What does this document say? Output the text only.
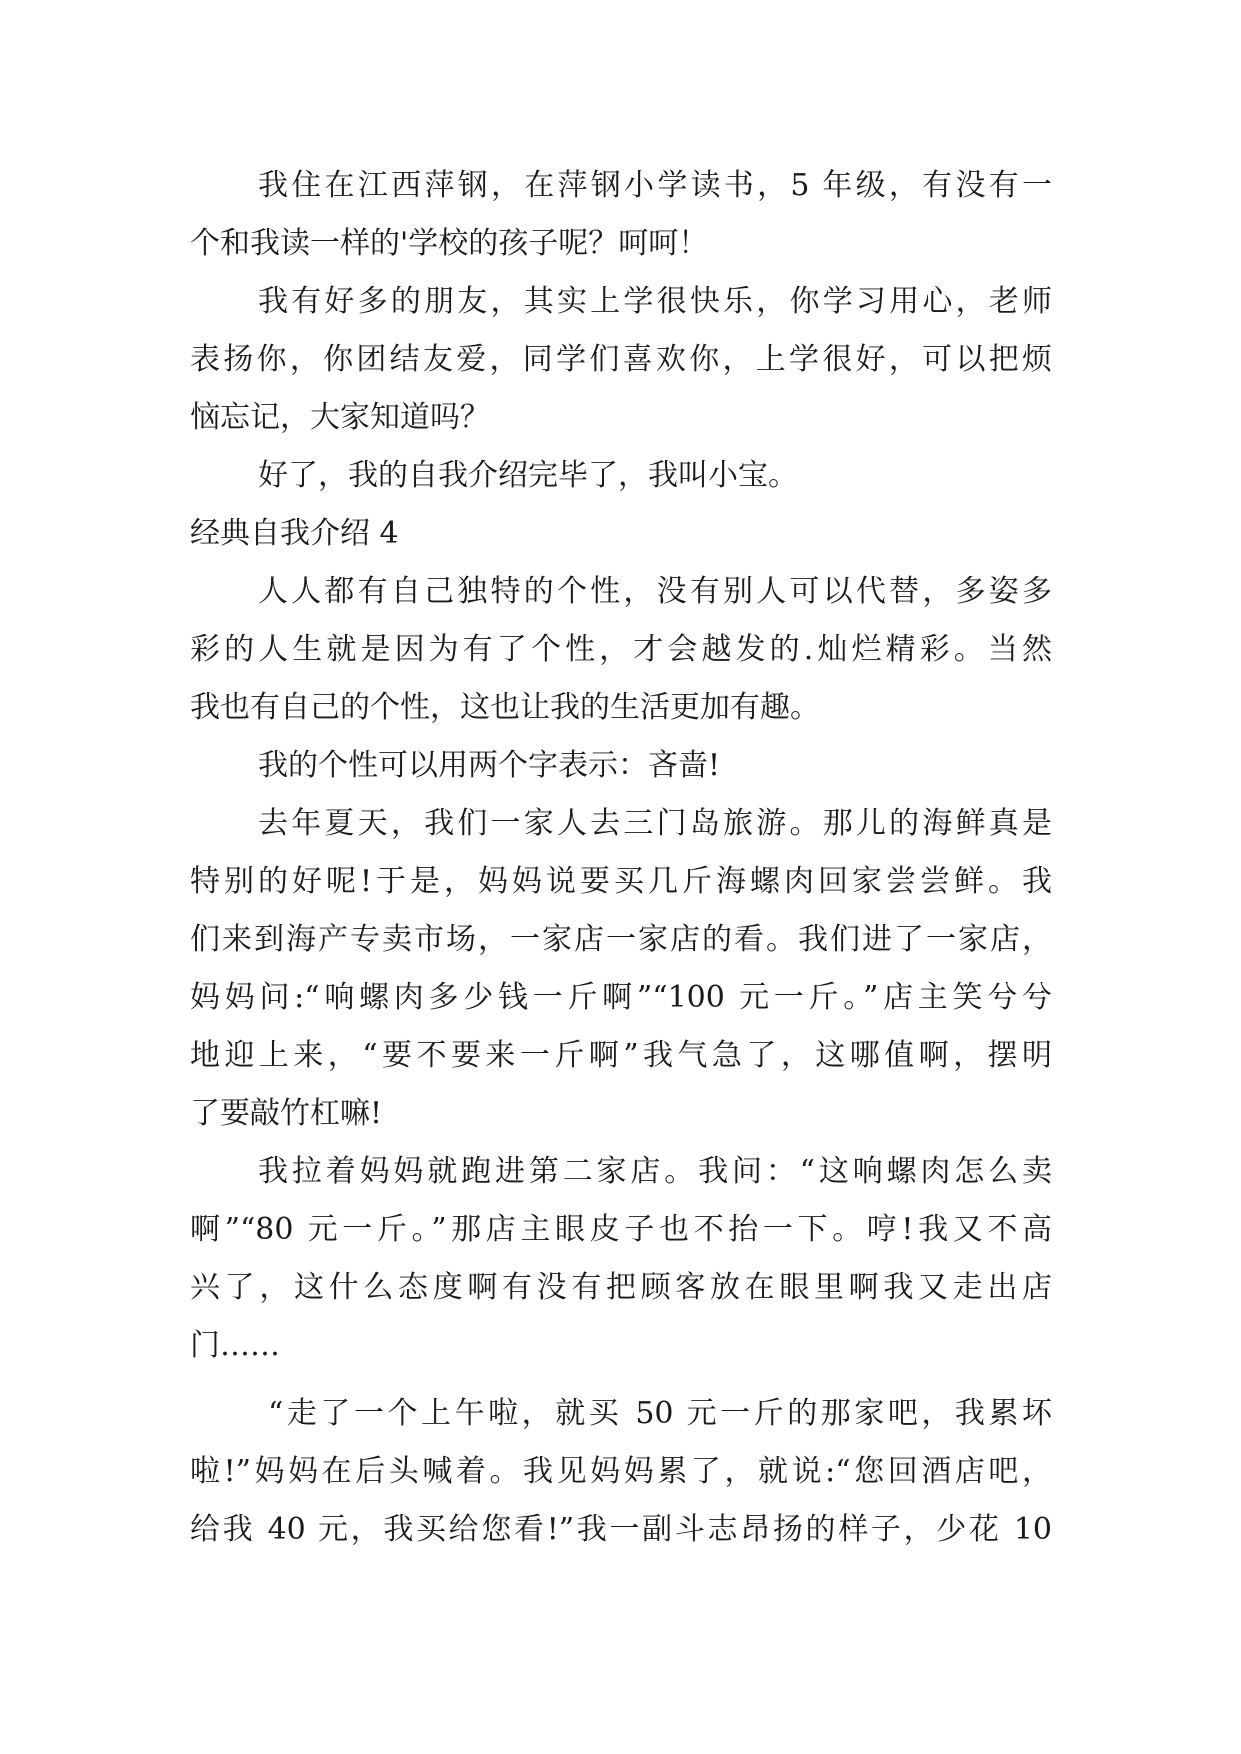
我住在江西萍钢，在萍钢小学读书，5 年级，有没有一

个和我读一样的'学校的孩子呢？呵呵！

我有好多的朋友，其实上学很快乐，你学习用心，老师

表扬你，你团结友爱，同学们喜欢你，上学很好，可以把烦

恼忘记，大家知道吗？

好了，我的自我介绍完毕了，我叫小宝。

经典自我介绍 4

人人都有自己独特的个性，没有别人可以代替，多姿多

彩的人生就是因为有了个性，才会越发的.灿烂精彩。当然

我也有自己的个性，这也让我的生活更加有趣。

我的个性可以用两个字表示：吝啬!

去年夏天，我们一家人去三门岛旅游。那儿的海鲜真是

特别的好呢!于是，妈妈说要买几斤海螺肉回家尝尝鲜。我

们来到海产专卖市场，一家店一家店的看。我们进了一家店，

妈妈问:“响螺肉多少钱一斤啊”“100 元一斤。”店主笑兮兮

地迎上来，“要不要来一斤啊”我气急了，这哪值啊，摆明

了要敲竹杠嘛!

我拉着妈妈就跑进第二家店。我问：“这响螺肉怎么卖

啊”“80 元一斤。”那店主眼皮子也不抬一下。哼!我又不高

兴了，这什么态度啊有没有把顾客放在眼里啊我又走出店

门……

“走了一个上午啦，就买 50 元一斤的那家吧，我累坏

啦!”妈妈在后头喊着。我见妈妈累了，就说:“您回酒店吧，

给我 40 元，我买给您看!”我一副斗志昂扬的样子，少花 10
